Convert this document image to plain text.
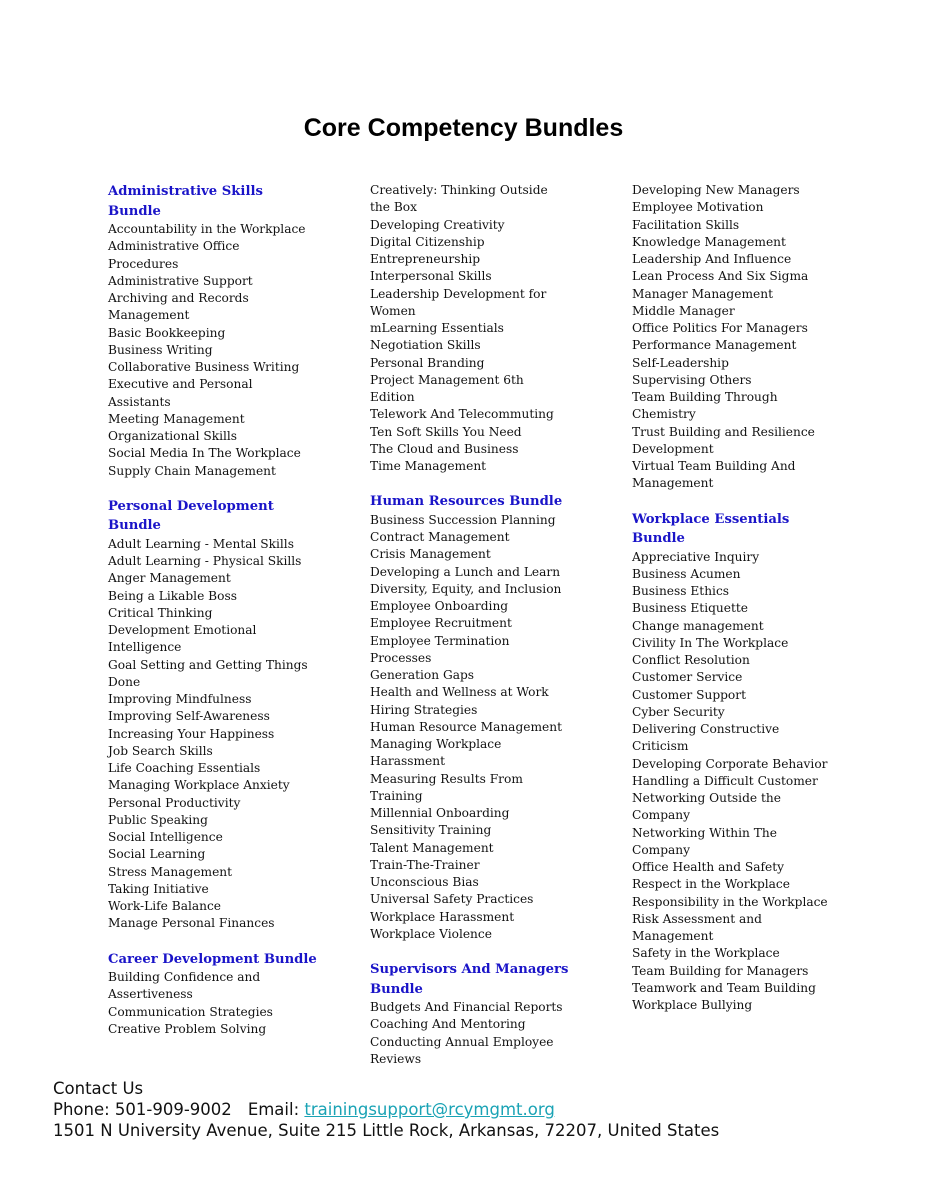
Core Competency Bundles
Administrative Skills
Bundle
Accountability in the Workplace
Administrative Office
Procedures
Administrative Support
Archiving and Records
Management
Basic Bookkeeping
Business Writing
Collaborative Business Writing
Executive and Personal
Assistants
Meeting Management
Organizational Skills
Social Media In The Workplace
Supply Chain Management
Personal Development
Bundle
Adult Learning - Mental Skills
Adult Learning - Physical Skills
Anger Management
Being a Likable Boss
Critical Thinking
Development Emotional
Intelligence
Goal Setting and Getting Things
Done
Improving Mindfulness
Improving Self-Awareness
Increasing Your Happiness
Job Search Skills
Life Coaching Essentials
Managing Workplace Anxiety
Personal Productivity
Public Speaking
Social Intelligence
Social Learning
Stress Management
Taking Initiative
Work-Life Balance
Manage Personal Finances
Career Development Bundle
Building Confidence and
Assertiveness
Communication Strategies
Creative Problem Solving
Creatively: Thinking Outside
the Box
Developing Creativity
Digital Citizenship
Entrepreneurship
Interpersonal Skills
Leadership Development for
Women
mLearning Essentials
Negotiation Skills
Personal Branding
Project Management 6th
Edition
Telework And Telecommuting
Ten Soft Skills You Need
The Cloud and Business
Time Management
Human Resources Bundle
Business Succession Planning
Contract Management
Crisis Management
Developing a Lunch and Learn
Diversity, Equity, and Inclusion
Employee Onboarding
Employee Recruitment
Employee Termination
Processes
Generation Gaps
Health and Wellness at Work
Hiring Strategies
Human Resource Management
Managing Workplace
Harassment
Measuring Results From
Training
Millennial Onboarding
Sensitivity Training
Talent Management
Train-The-Trainer
Unconscious Bias
Universal Safety Practices
Workplace Harassment
Workplace Violence
Supervisors And Managers
Bundle
Budgets And Financial Reports
Coaching And Mentoring
Conducting Annual Employee
Reviews
Developing New Managers
Employee Motivation
Facilitation Skills
Knowledge Management
Leadership And Influence
Lean Process And Six Sigma
Manager Management
Middle Manager
Office Politics For Managers
Performance Management
Self-Leadership
Supervising Others
Team Building Through
Chemistry
Trust Building and Resilience
Development
Virtual Team Building And
Management
Workplace Essentials
Bundle
Appreciative Inquiry
Business Acumen
Business Ethics
Business Etiquette
Change management
Civility In The Workplace
Conflict Resolution
Customer Service
Customer Support
Cyber Security
Delivering Constructive
Criticism
Developing Corporate Behavior
Handling a Difficult Customer
Networking Outside the
Company
Networking Within The
Company
Office Health and Safety
Respect in the Workplace
Responsibility in the Workplace
Risk Assessment and
Management
Safety in the Workplace
Team Building for Managers
Teamwork and Team Building
Workplace Bullying
Contact Us
Phone: 501-909-9002 Email: trainingsupport@rcymgmt.org
1501 N University Avenue, Suite 215 Little Rock, Arkansas, 72207, United States
